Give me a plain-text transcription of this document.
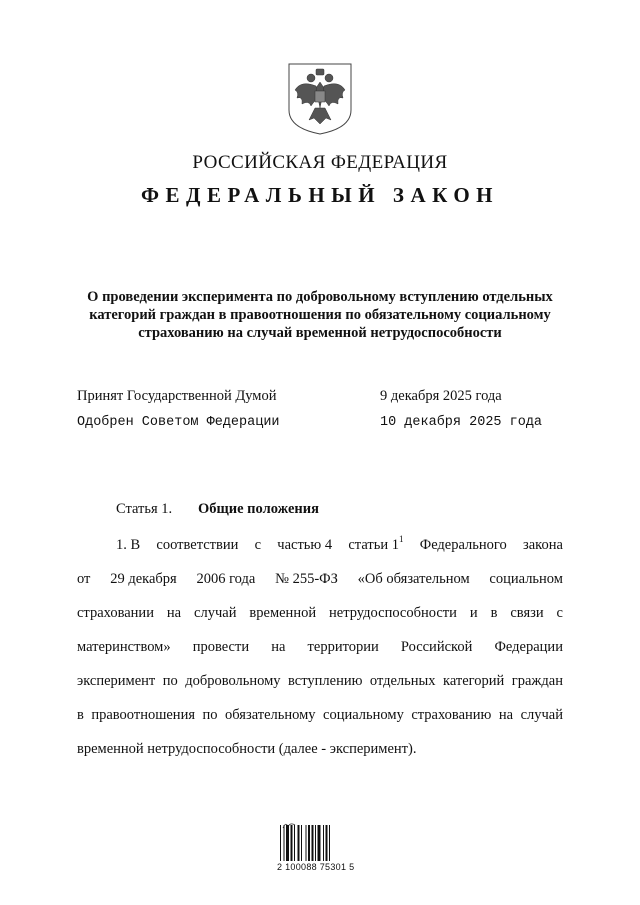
РОССИЙСКАЯ ФЕДЕРАЦИЯ
ФЕДЕРАЛЬНЫЙ ЗАКОН
О проведении эксперимента по добровольному вступлению отдельных
категорий граждан в правоотношения по обязательному социальному
страхованию на случай временной нетрудоспособности
Принят Государственной Думой	9 декабря 2025 года
Одобрен Советом Федерации	10 декабря 2025 года
Статья 1. Общие положения
1. В соответствии с частью 4 статьи $1^1$ Федерального закона
от 29 декабря 2006 года № 255-ФЗ «Об обязательном социальном
страховании на случай временной нетрудоспособности и в связи с
материнством» провести на территории Российской Федерации
эксперимент по добровольному вступлению отдельных категорий граждан
в правоотношения по обязательному социальному страхованию на случай
временной нетрудоспособности (далее - эксперимент).
2 100088 75301 5
